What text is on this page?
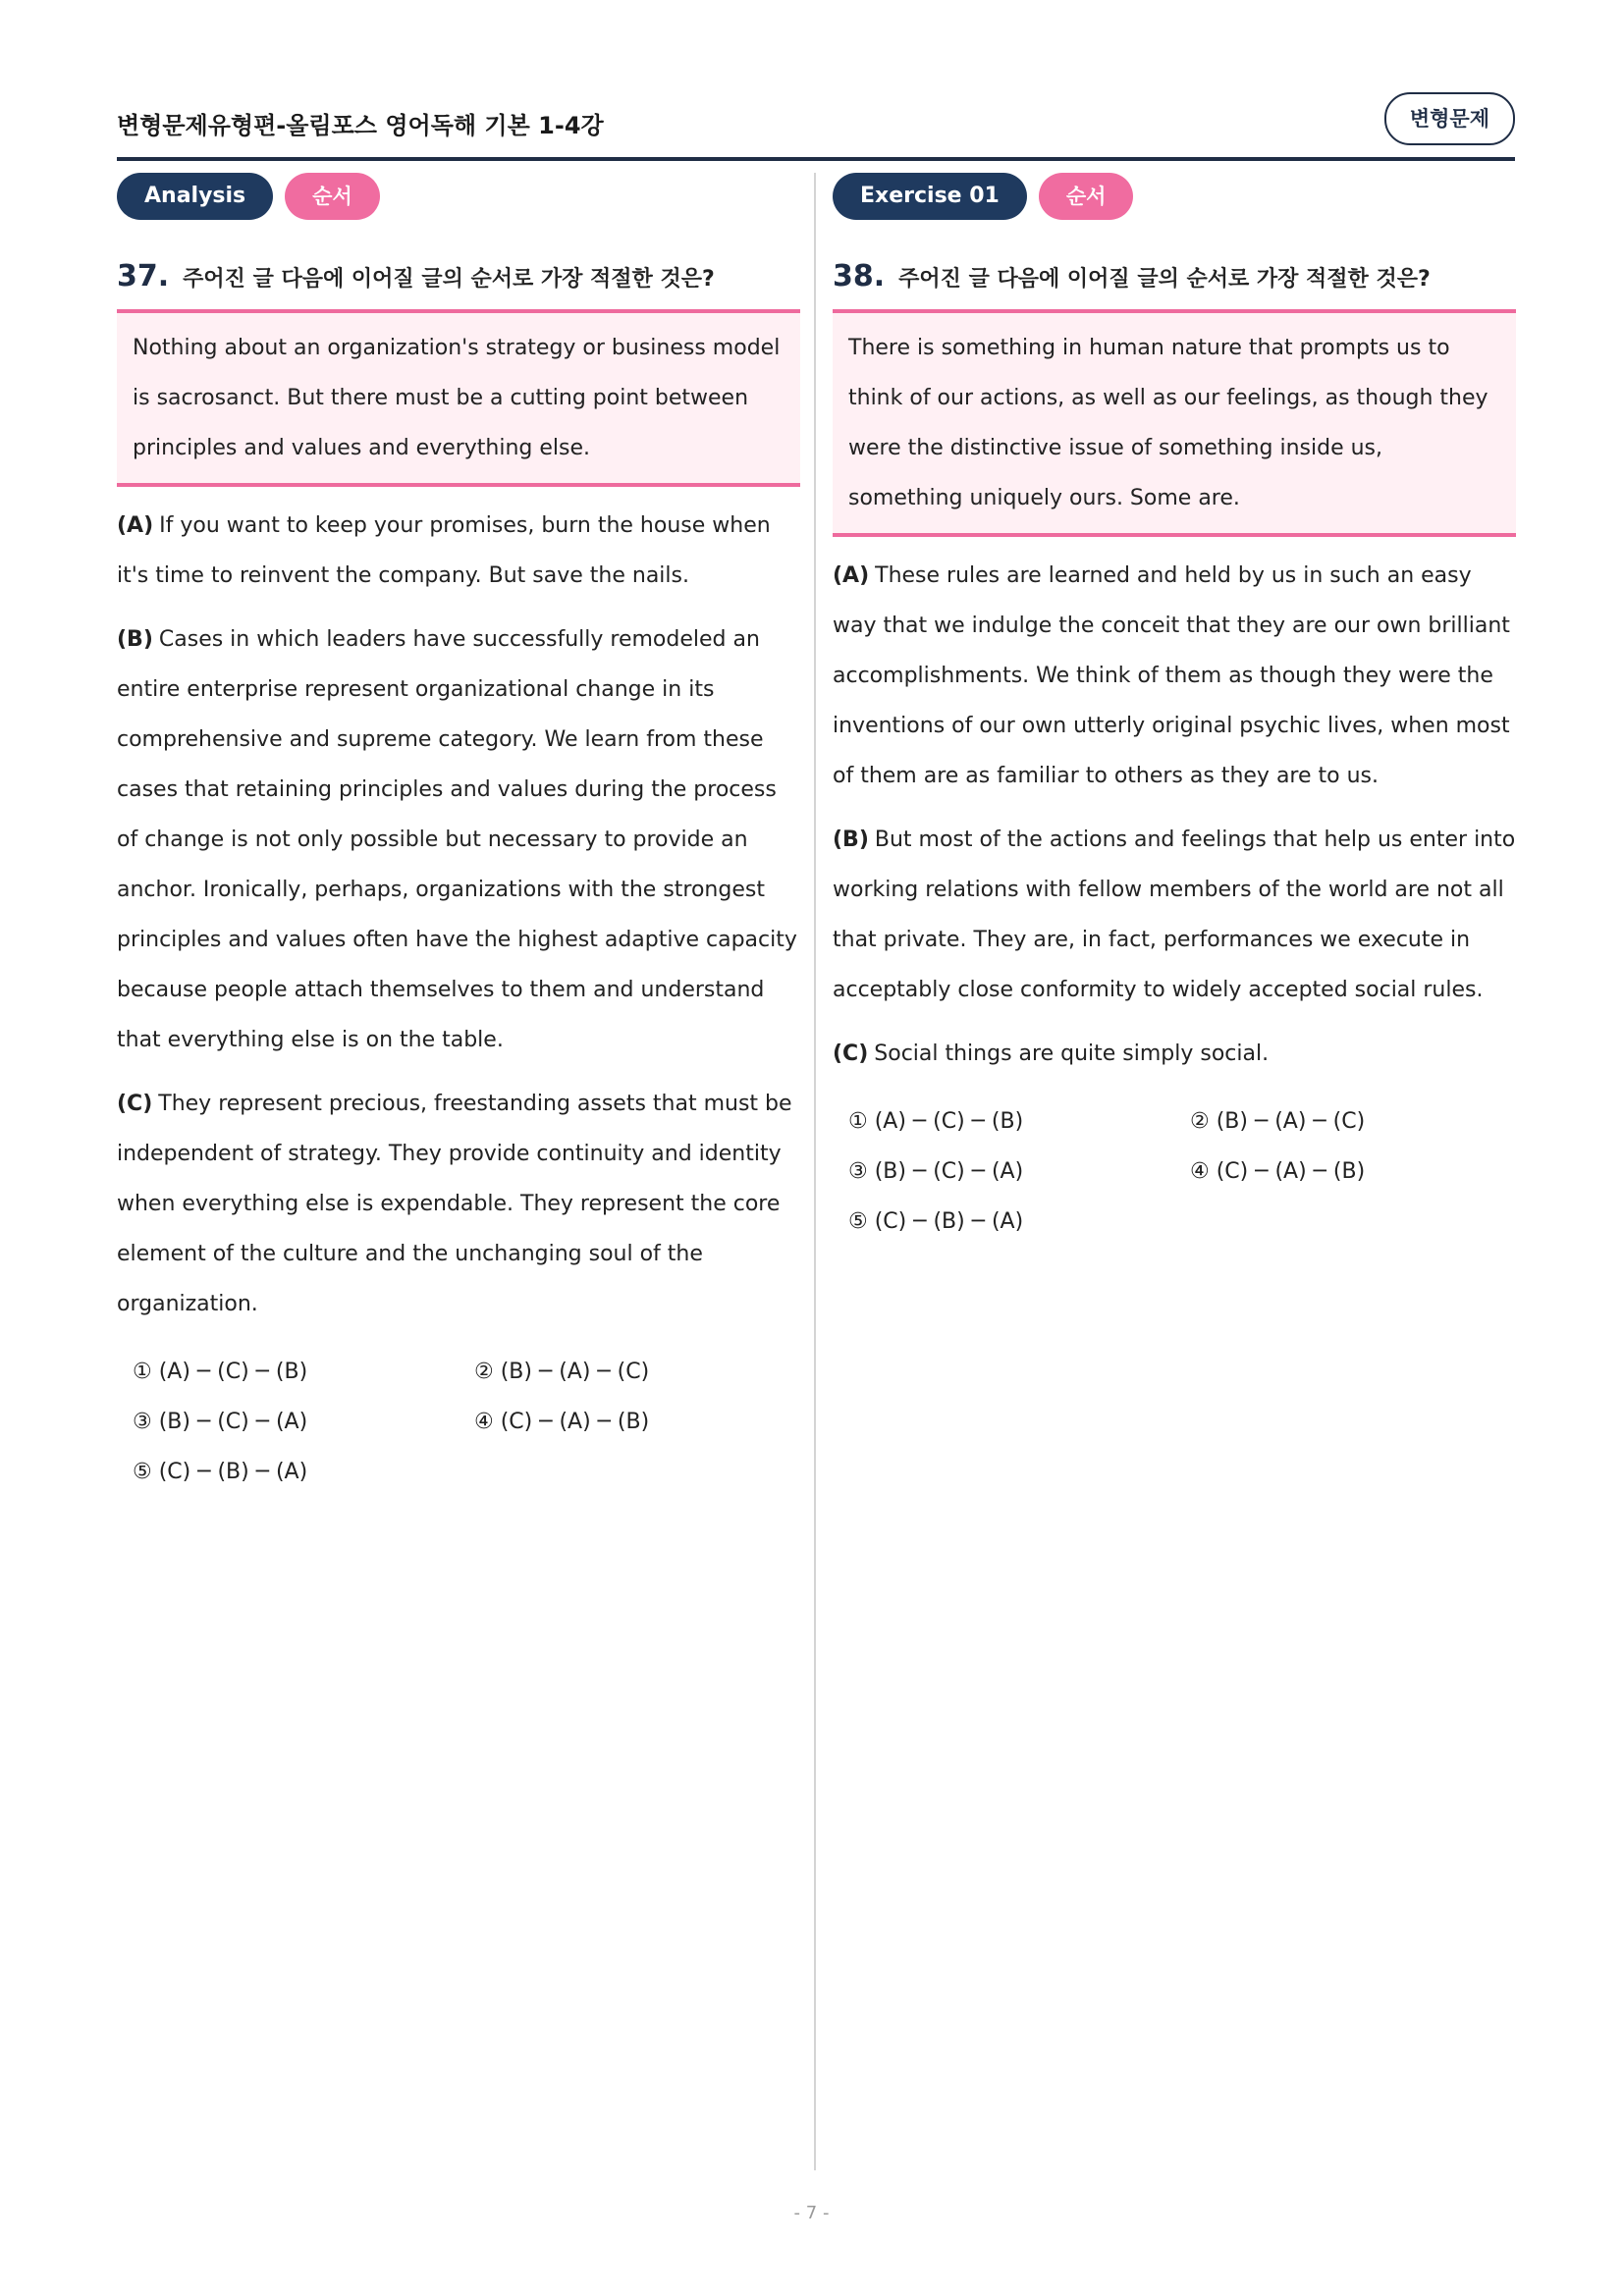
변형문제유형편-올림포스 영어독해 기본 1-4강	변형문제
Analysis	순서
37. 주어진 글 다음에 이어질 글의 순서로 가장 적절한 것은?
Nothing about an organization's strategy or business model is sacrosanct. But there must be a cutting point between principles and values and everything else.
(A) If you want to keep your promises, burn the house when it's time to reinvent the company. But save the nails.
(B) Cases in which leaders have successfully remodeled an entire enterprise represent organizational change in its comprehensive and supreme category. We learn from these cases that retaining principles and values during the process of change is not only possible but necessary to provide an anchor. Ironically, perhaps, organizations with the strongest principles and values often have the highest adaptive capacity because people attach themselves to them and understand that everything else is on the table.
(C) They represent precious, freestanding assets that must be independent of strategy. They provide continuity and identity when everything else is expendable. They represent the core element of the culture and the unchanging soul of the organization.
① (A) ─ (C) ─ (B)	② (B) ─ (A) ─ (C)
③ (B) ─ (C) ─ (A)	④ (C) ─ (A) ─ (B)
⑤ (C) ─ (B) ─ (A)
Exercise 01	순서
38. 주어진 글 다음에 이어질 글의 순서로 가장 적절한 것은?
There is something in human nature that prompts us to think of our actions, as well as our feelings, as though they were the distinctive issue of something inside us, something uniquely ours. Some are.
(A) These rules are learned and held by us in such an easy way that we indulge the conceit that they are our own brilliant accomplishments. We think of them as though they were the inventions of our own utterly original psychic lives, when most of them are as familiar to others as they are to us.
(B) But most of the actions and feelings that help us enter into working relations with fellow members of the world are not all that private. They are, in fact, performances we execute in acceptably close conformity to widely accepted social rules.
(C) Social things are quite simply social.
① (A) ─ (C) ─ (B)	② (B) ─ (A) ─ (C)
③ (B) ─ (C) ─ (A)	④ (C) ─ (A) ─ (B)
⑤ (C) ─ (B) ─ (A)
- 7 -
